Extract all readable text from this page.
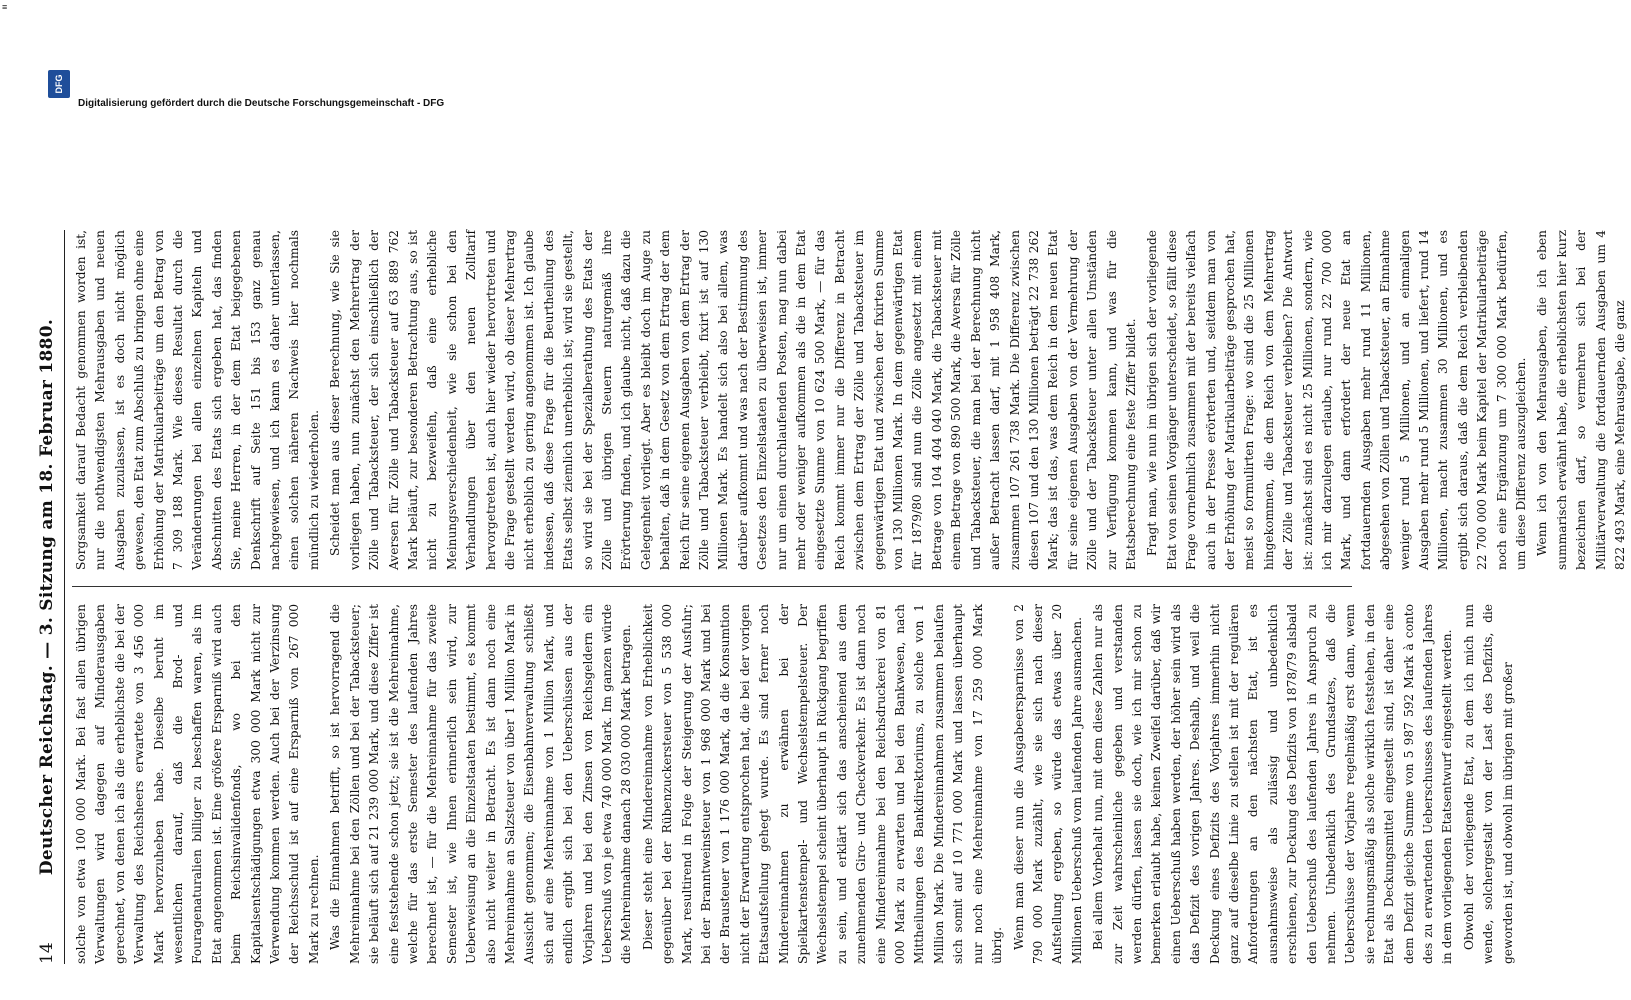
≡
14
Deutscher Reichstag. — 3. Sitzung am 18. Februar 1880. solche von etwa 100 000 Mark. Bei fast allen übrigen Verwaltungen wird dagegen auf Minderausgaben gerechnet, von denen ich als die erheblichste die bei der Verwaltung des Reichsheers erwartete von 3 456 000 Mark hervorzuheben habe. Dieselbe beruht im wesentlichen darauf, daß die Brod- und Fouragenaturalien billiger zu beschaffen waren, als im Etat angenommen ist. Eine größere Ersparniß wird auch beim Reichsinvalidenfonds, wo bei den Kapitalsentschädigungen etwa 300 000 Mark nicht zur Verwendung kommen werden. Auch bei der Verzinsung der Reichsschuld ist auf eine Ersparniß von 267 000 Mark zu rechnen. Was die Einnahmen betrifft, so ist hervorragend die Mehreinnahme bei den Zöllen und bei der Tabacksteuer; sie beläuft sich auf 21 239 000 Mark, und diese Ziffer ist eine feststehende schon jetzt; sie ist die Mehreinnahme, welche für das erste Semester des laufenden Jahres berechnet ist, — für die Mehreinnahme für das zweite Semester ist, wie Ihnen erinnerlich sein wird, zur Ueberweisung an die Einzelstaaten bestimmt, es kommt also nicht weiter in Betracht. Es ist dann noch eine Mehreinnahme an Salzsteuer von über 1 Million Mark in Aussicht genommen; die Eisenbahnverwaltung schließt sich auf eine Mehreinnahme von 1 Million Mark, und endlich ergibt sich bei den Ueberschüssen aus der Vorjahren und bei den Zinsen von Reichsgeldern ein Ueberschuß von je etwa 740 000 Mark. Im ganzen würde die Mehreinnahme danach 28 030 000 Mark betragen. Dieser steht eine Mindereinnahme von Erheblichkeit gegenüber bei der Rübenzuckersteuer von 5 538 000 Mark, resultirend in Folge der Steigerung der Ausfuhr; bei der Branntweinsteuer von 1 968 000 Mark und bei der Brausteuer von 1 176 000 Mark, da die Konsumtion nicht der Erwartung entsprochen hat, die bei der vorigen Etatsaufstellung gehegt wurde. Es sind ferner noch Mindereinnahmen zu erwähnen bei der Spielkartenstempel- und Wechselstempelsteuer. Der Wechselstempel scheint überhaupt in Rückgang begriffen zu sein, und erklärt sich das anscheinend aus dem zunehmenden Giro- und Checkverkehr. Es ist dann noch eine Mindereinnahme bei den Reichsdruckerei von 81 000 Mark zu erwarten und bei den Bankwesen, nach Mittheilungen des Bankdirektoriums, zu solche von 1 Million Mark. Die Mindereinnahmen zusammen belaufen sich somit auf 10 771 000 Mark und lassen überhaupt nur noch eine Mehreinnahme von 17 259 000 Mark übrig. Wenn man dieser nun die Ausgabeersparnisse von 2 790 000 Mark zuzählt, wie sie sich nach dieser Aufstellung ergeben, so würde das etwas über 20 Millionen Ueberschuß vom laufenden Jahre ausmachen. Bei allem Vorbehalt nun, mit dem diese Zahlen nur als zur Zeit wahrscheinliche gegeben und verstanden werden dürfen, lassen sie doch, wie ich mir schon zu bemerken erlaubt habe, keinen Zweifel darüber, daß wir einen Ueberschuß haben werden, der höher sein wird als das Defizit des vorigen Jahres. Deshalb, und weil die Deckung eines Defizits des Vorjahres immerhin nicht ganz auf dieselbe Linie zu stellen ist mit der regulären Anforderungen an den nächsten Etat, ist es ausnahmsweise als zulässig und unbedenklich erschienen, zur Deckung des Defizits von 1878/79 alsbald den Ueberschuß des laufenden Jahres in Anspruch zu nehmen. Unbedenklich des Grundsatzes, daß die Ueberschüsse der Vorjahre regelmäßig erst dann, wenn sie rechnungsmäßig als solche wirklich feststehen, in den Etat als Deckungsmittel eingestellt sind, ist daher eine dem Defizit gleiche Summe von 5 987 592 Mark à conto des zu erwartenden Ueberschusses des laufenden Jahres in dem vorliegenden Etatsentwurf eingestellt werden. Obwohl der vorliegende Etat, zu dem ich mich nun wende, solchergestalt von der Last des Defizits, die geworden ist, und obwohl im übrigen mit großer

Sorgsamkeit darauf Bedacht genommen worden ist, nur die nothwendigsten Mehrausgaben und neuen Ausgaben zuzulassen, ist es doch nicht möglich gewesen, den Etat zum Abschluß zu bringen ohne eine Erhöhung der Matrikularbeiträge um den Betrag von 7 309 188 Mark. Wie dieses Resultat durch die Veränderungen bei allen einzelnen Kapiteln und Abschnitten des Etats sich ergeben hat, das finden Sie, meine Herren, in der dem Etat beigegebenen Denkschrift auf Seite 151 bis 153 ganz genau nachgewiesen, und ich kann es daher unterlassen, einen solchen näheren Nachweis hier nochmals mündlich zu wiederholen. Scheidet man aus dieser Berechnung, wie Sie sie vorliegen haben, nun zunächst den Mehrertrag der Zölle und Tabacksteuer, der sich einschließlich der Aversen für Zölle und Tabacksteuer auf 63 889 762 Mark beläuft, zur besonderen Betrachtung aus, so ist nicht zu bezweifeln, daß eine erhebliche Meinungsverschiedenheit, wie sie schon bei den Verhandlungen über den neuen Zolltarif hervorgetreten ist, auch hier wieder hervortreten und die Frage gestellt werden wird, ob dieser Mehrertrag nicht erheblich zu gering angenommen ist. Ich glaube indessen, daß diese Frage für die Beurtheilung des Etats selbst ziemlich unerheblich ist; wird sie gestellt, so wird sie bei der Spezialberathung des Etats der Zölle und übrigen Steuern naturgemäß ihre Erörterung finden, und ich glaube nicht, daß dazu die Gelegenheit vorliegt. Aber es bleibt doch im Auge zu behalten, daß in dem Gesetz von dem Ertrag der dem Reich für seine eigenen Ausgaben von dem Ertrag der Zölle und Tabacksteuer verbleibt, fixirt ist auf 130 Millionen Mark. Es handelt sich also bei allem, was darüber aufkommt und was nach der Bestimmung des Gesetzes den Einzelstaaten zu überweisen ist, immer nur um einen durchlaufenden Posten, mag nun dabei mehr oder weniger aufkommen als die in dem Etat eingesetzte Summe von 10 624 500 Mark, — für das Reich kommt immer nur die Differenz in Betracht zwischen dem Ertrag der Zölle und Tabacksteuer im gegenwärtigen Etat und zwischen der fixirten Summe von 130 Millionen Mark. In dem gegenwärtigen Etat für 1879/80 sind nun die Zölle angesetzt mit einem Betrage von 104 404 040 Mark, die Tabacksteuer mit einem Betrage von 890 500 Mark, die Aversa für Zölle und Tabacksteuer, die man bei der Berechnung nicht außer Betracht lassen darf, mit 1 958 408 Mark, zusammen 107 261 738 Mark. Die Differenz zwischen diesen 107 und den 130 Millionen beträgt 22 738 262 Mark; das ist das, was dem Reich in dem neuen Etat für seine eigenen Ausgaben von der Vermehrung der Zölle und der Tabacksteuer unter allen Umständen zur Verfügung kommen kann, und was für die Etatsberechnung eine feste Ziffer bildet. Fragt man, wie nun im übrigen sich der vorliegende Etat von seinen Vorgänger unterscheidet, so fällt diese Frage vornehmlich zusammen mit der bereits vielfach auch in der Presse erörterten und, seitdem man von der Erhöhung der Matrikularbeiträge gesprochen hat, meist so formulirten Frage: wo sind die 25 Millionen hingekommen, die dem Reich von dem Mehrertrag der Zölle und Tabacksteuer verbleiben? Die Antwort ist: zunächst sind es nicht 25 Millionen, sondern, wie ich mir darzulegen erlaube, nur rund 22 700 000 Mark, und dann erfordert der neue Etat an fortdauernden Ausgaben mehr rund 11 Millionen, abgesehen von Zöllen und Tabacksteuer, an Einnahme weniger rund 5 Millionen, und an einmaligen Ausgaben mehr rund 5 Millionen, und liefert, rund 14 Millionen, macht zusammen 30 Millionen, und es ergibt sich daraus, daß die dem Reich verbleibenden 22 700 000 Mark beim Kapitel der Matrikularbeiträge noch eine Ergänzung um 7 300 000 Mark bedürfen, um diese Differenz auszugleichen. Wenn ich von den Mehrausgaben, die ich eben summarisch erwähnt habe, die erheblichsten hier kurz bezeichnen darf, so vermehren sich bei der Militärverwaltung die fortdauernden Ausgaben um 4 822 493 Mark, eine Mehrausgabe, die ganz

DFG
Digitalisierung gefördert durch die Deutsche Forschungsgemeinschaft - DFG
